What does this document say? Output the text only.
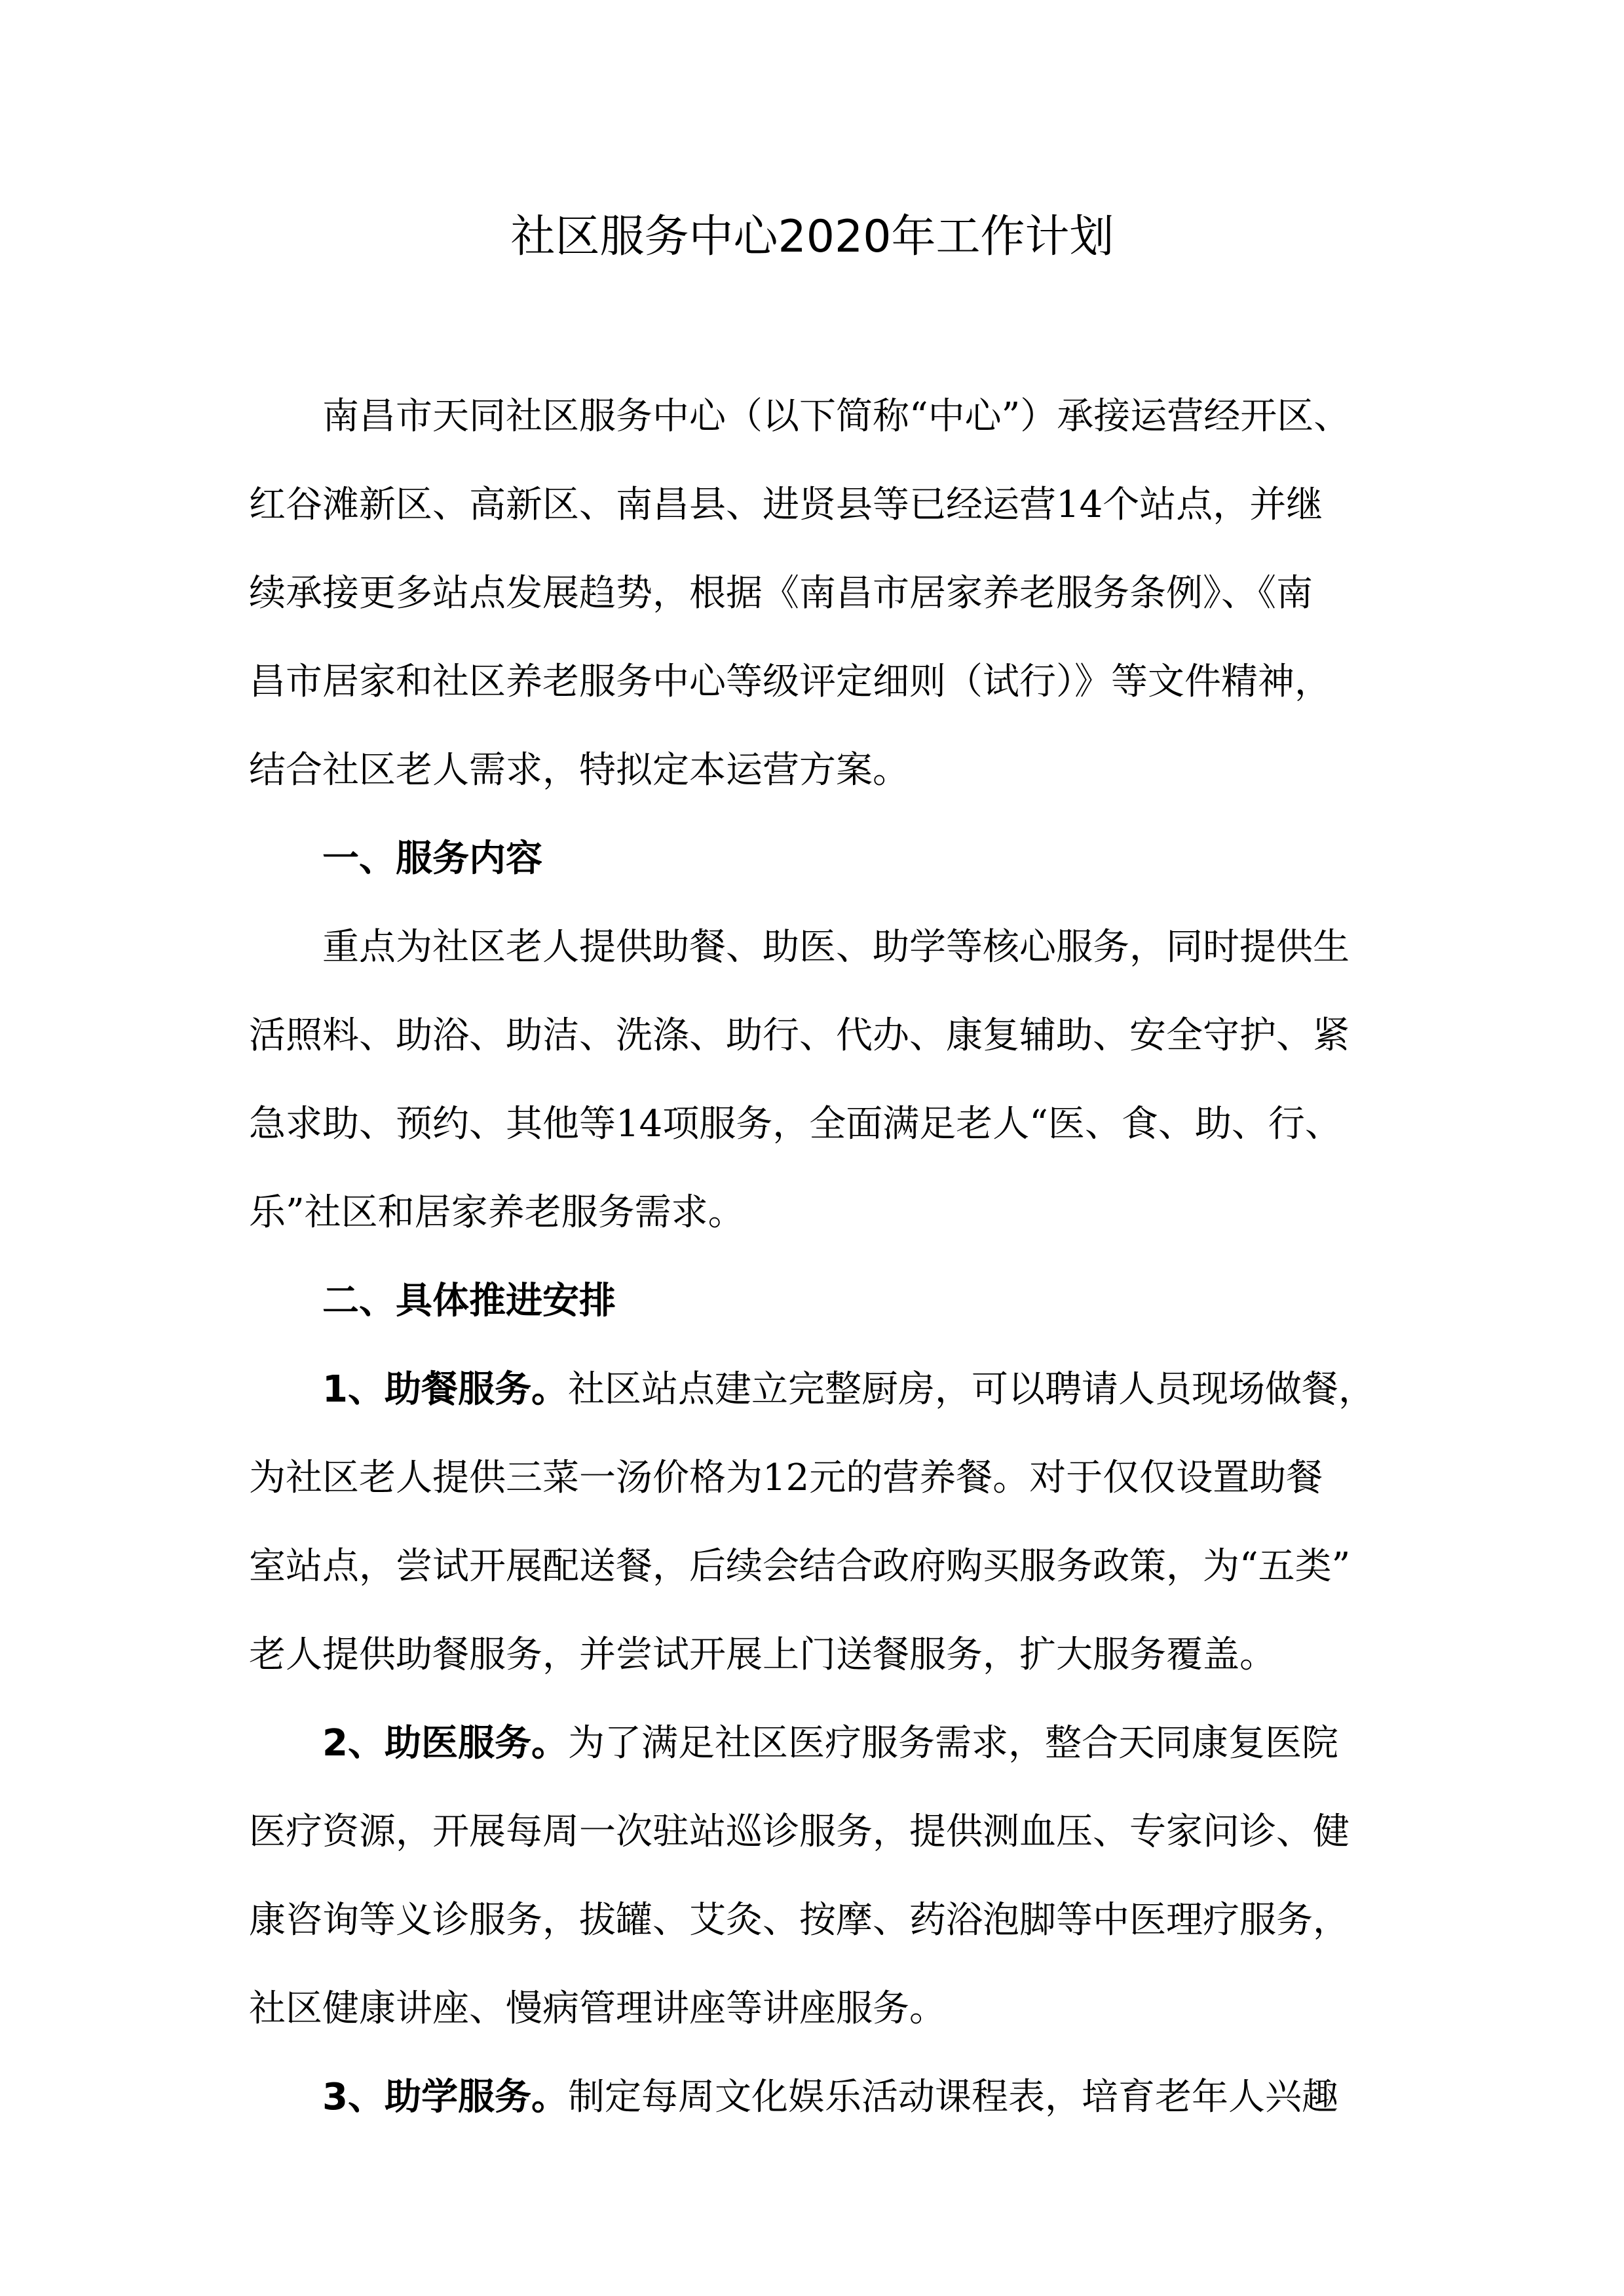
社区服务中心2020年工作计划
南昌市天同社区服务中心（以下简称“中心”）承接运营经开区、
红谷滩新区、高新区、南昌县、进贤县等已经运营14个站点，并继
续承接更多站点发展趋势，根据《南昌市居家养老服务条例》、《南
昌市居家和社区养老服务中心等级评定细则（试行）》等文件精神，
结合社区老人需求，特拟定本运营方案。
一、服务内容
重点为社区老人提供助餐、助医、助学等核心服务，同时提供生
活照料、助浴、助洁、洗涤、助行、代办、康复辅助、安全守护、紧
急求助、预约、其他等14项服务，全面满足老人“医、食、助、行、
乐”社区和居家养老服务需求。
二、具体推进安排
1、助餐服务。社区站点建立完整厨房，可以聘请人员现场做餐，
为社区老人提供三菜一汤价格为12元的营养餐。对于仅仅设置助餐
室站点，尝试开展配送餐，后续会结合政府购买服务政策，为“五类”
老人提供助餐服务，并尝试开展上门送餐服务，扩大服务覆盖。
2、助医服务。为了满足社区医疗服务需求，整合天同康复医院
医疗资源，开展每周一次驻站巡诊服务，提供测血压、专家问诊、健
康咨询等义诊服务，拔罐、艾灸、按摩、药浴泡脚等中医理疗服务，
社区健康讲座、慢病管理讲座等讲座服务。
3、助学服务。制定每周文化娱乐活动课程表，培育老年人兴趣
